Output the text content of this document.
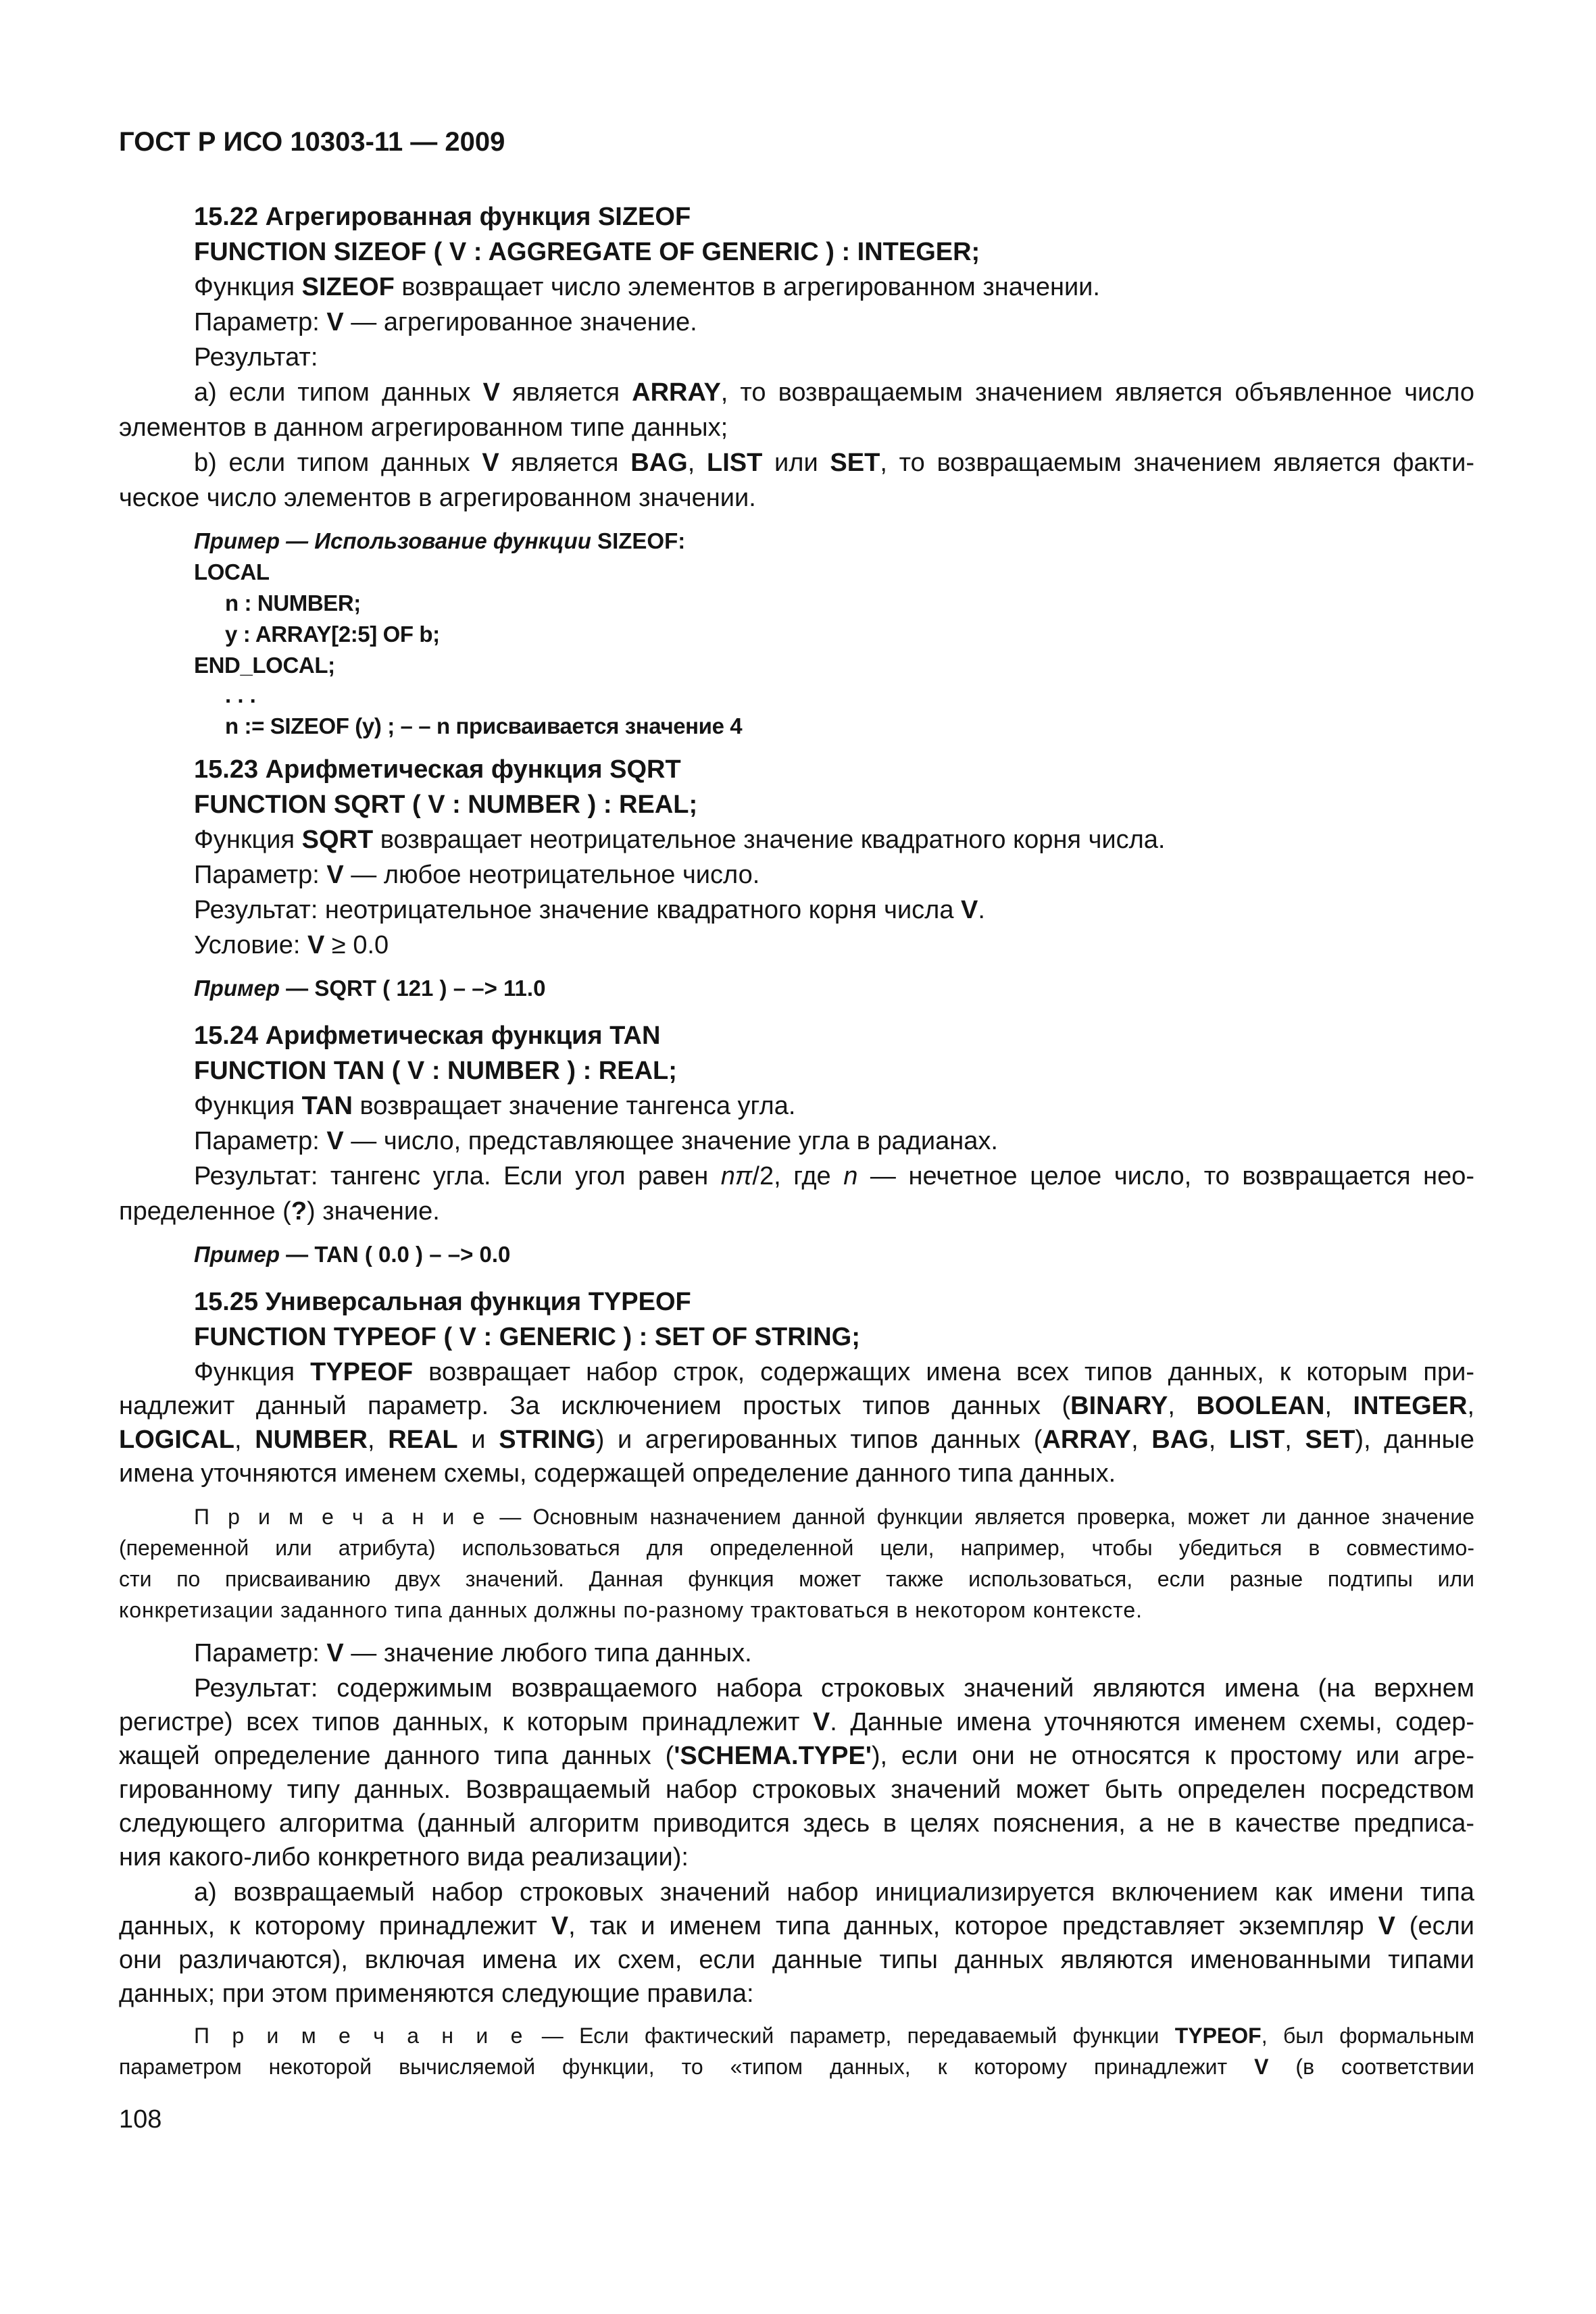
ГОСТ Р ИСО 10303-11 — 2009

15.22 Агрегированная функция SIZEOF

FUNCTION SIZEOF ( V : AGGREGATE OF GENERIC ) : INTEGER;

Функция SIZEOF возвращает число элементов в агрегированном значении.

Параметр: V — агрегированное значение.

Результат:

a) если типом данных V является ARRAY, то возвращаемым значением является объявленное число

элементов в данном агрегированном типе данных;

b) если типом данных V является BAG, LIST или SET, то возвращаемым значением является факти-

ческое число элементов в агрегированном значении.

Пример — Использование функции SIZEOF:

LOCAL

n : NUMBER;

y : ARRAY[2:5] OF b;

END_LOCAL;

. . .

n := SIZEOF (y) ; – – n присваивается значение 4

15.23 Арифметическая функция SQRT

FUNCTION SQRT ( V : NUMBER ) : REAL;

Функция SQRT возвращает неотрицательное значение квадратного корня числа.

Параметр: V — любое неотрицательное число.

Результат: неотрицательное значение квадратного корня числа V.

Условие: V ≥ 0.0

Пример — SQRT ( 121 ) – –> 11.0

15.24 Арифметическая функция TAN

FUNCTION TAN ( V : NUMBER ) : REAL;

Функция TAN возвращает значение тангенса угла.

Параметр: V — число, представляющее значение угла в радианах.

Результат: тангенс угла. Если угол равен nπ/2, где n — нечетное целое число, то возвращается нео-

пределенное (?) значение.

Пример — TAN ( 0.0 ) – –> 0.0

15.25 Универсальная функция TYPEOF

FUNCTION TYPEOF ( V : GENERIC ) : SET OF STRING;

Функция TYPEOF возвращает набор строк, содержащих имена всех типов данных, к которым при-

надлежит данный параметр. За исключением простых типов данных (BINARY, BOOLEAN, INTEGER,

LOGICAL, NUMBER, REAL и STRING) и агрегированных типов данных (ARRAY, BAG, LIST, SET), данные

имена уточняются именем схемы, содержащей определение данного типа данных.

П р и м е ч а н и е — Основным назначением данной функции является проверка, может ли данное значение

(переменной или атрибута) использоваться для определенной цели, например, чтобы убедиться в совместимо-

сти по присваиванию двух значений. Данная функция может также использоваться, если разные подтипы или

конкретизации заданного типа данных должны по-разному трактоваться в некотором контексте.

Параметр: V — значение любого типа данных.

Результат: содержимым возвращаемого набора строковых значений являются имена (на верхнем

регистре) всех типов данных, к которым принадлежит V. Данные имена уточняются именем схемы, содер-

жащей определение данного типа данных ('SCHEMA.TYPE'), если они не относятся к простому или агре-

гированному типу данных. Возвращаемый набор строковых значений может быть определен посредством

следующего алгоритма (данный алгоритм приводится здесь в целях пояснения, а не в качестве предписа-

ния какого-либо конкретного вида реализации):

a) возвращаемый набор строковых значений набор инициализируется включением как имени типа

данных, к которому принадлежит V, так и именем типа данных, которое представляет экземпляр V (если

они различаются), включая имена их схем, если данные типы данных являются именованными типами

данных; при этом применяются следующие правила:

П р и м е ч а н и е — Если фактический параметр, передаваемый функции TYPEOF, был формальным

параметром некоторой вычисляемой функции, то «типом данных, к которому принадлежит V (в соответствии

108
